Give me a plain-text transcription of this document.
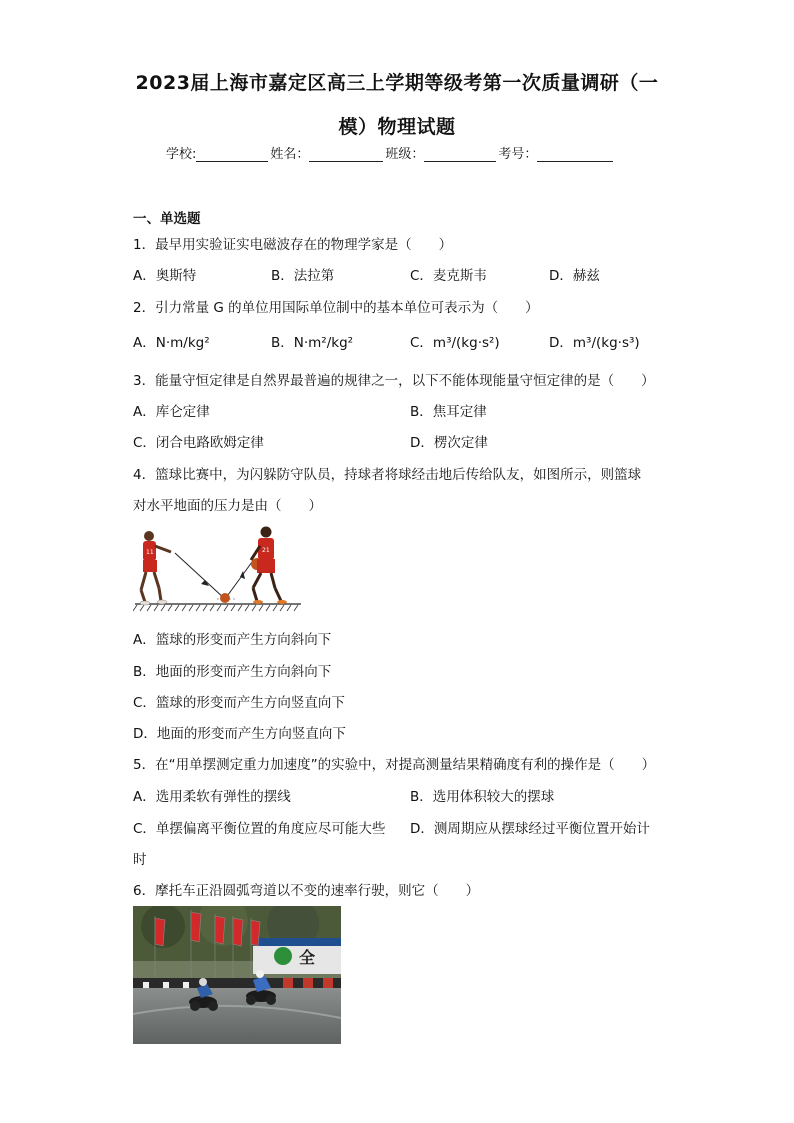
2023届上海市嘉定区高三上学期等级考第一次质量调研（一
模）物理试题
学校:	姓名：	班级：	考号：
一、单选题
1．最早用实验证实电磁波存在的物理学家是（　　）
A．奥斯特	B．法拉第	C．麦克斯韦	D．赫兹
2．引力常量 G 的单位用国际单位制中的基本单位可表示为（　　）
A．N·m/kg²	B．N·m²/kg²	C．m³/(kg·s²)	D．m³/(kg·s³)
3．能量守恒定律是自然界最普遍的规律之一，以下不能体现能量守恒定律的是（　　）
A．库仑定律	B．焦耳定律
C．闭合电路欧姆定律	D．楞次定律
4．篮球比赛中，为闪躲防守队员，持球者将球经击地后传给队友，如图所示，则篮球
对水平地面的压力是由（　　）
11	21
A．篮球的形变而产生方向斜向下
B．地面的形变而产生方向斜向下
C．篮球的形变而产生方向竖直向下
D．地面的形变而产生方向竖直向下
5．在“用单摆测定重力加速度”的实验中，对提高测量结果精确度有利的操作是（　　）
A．选用柔软有弹性的摆线	B．选用体积较大的摆球
C．单摆偏离平衡位置的角度应尽可能大些 D．测周期应从摆球经过平衡位置开始计
时
6．摩托车正沿圆弧弯道以不变的速率行驶，则它（　　）
全
